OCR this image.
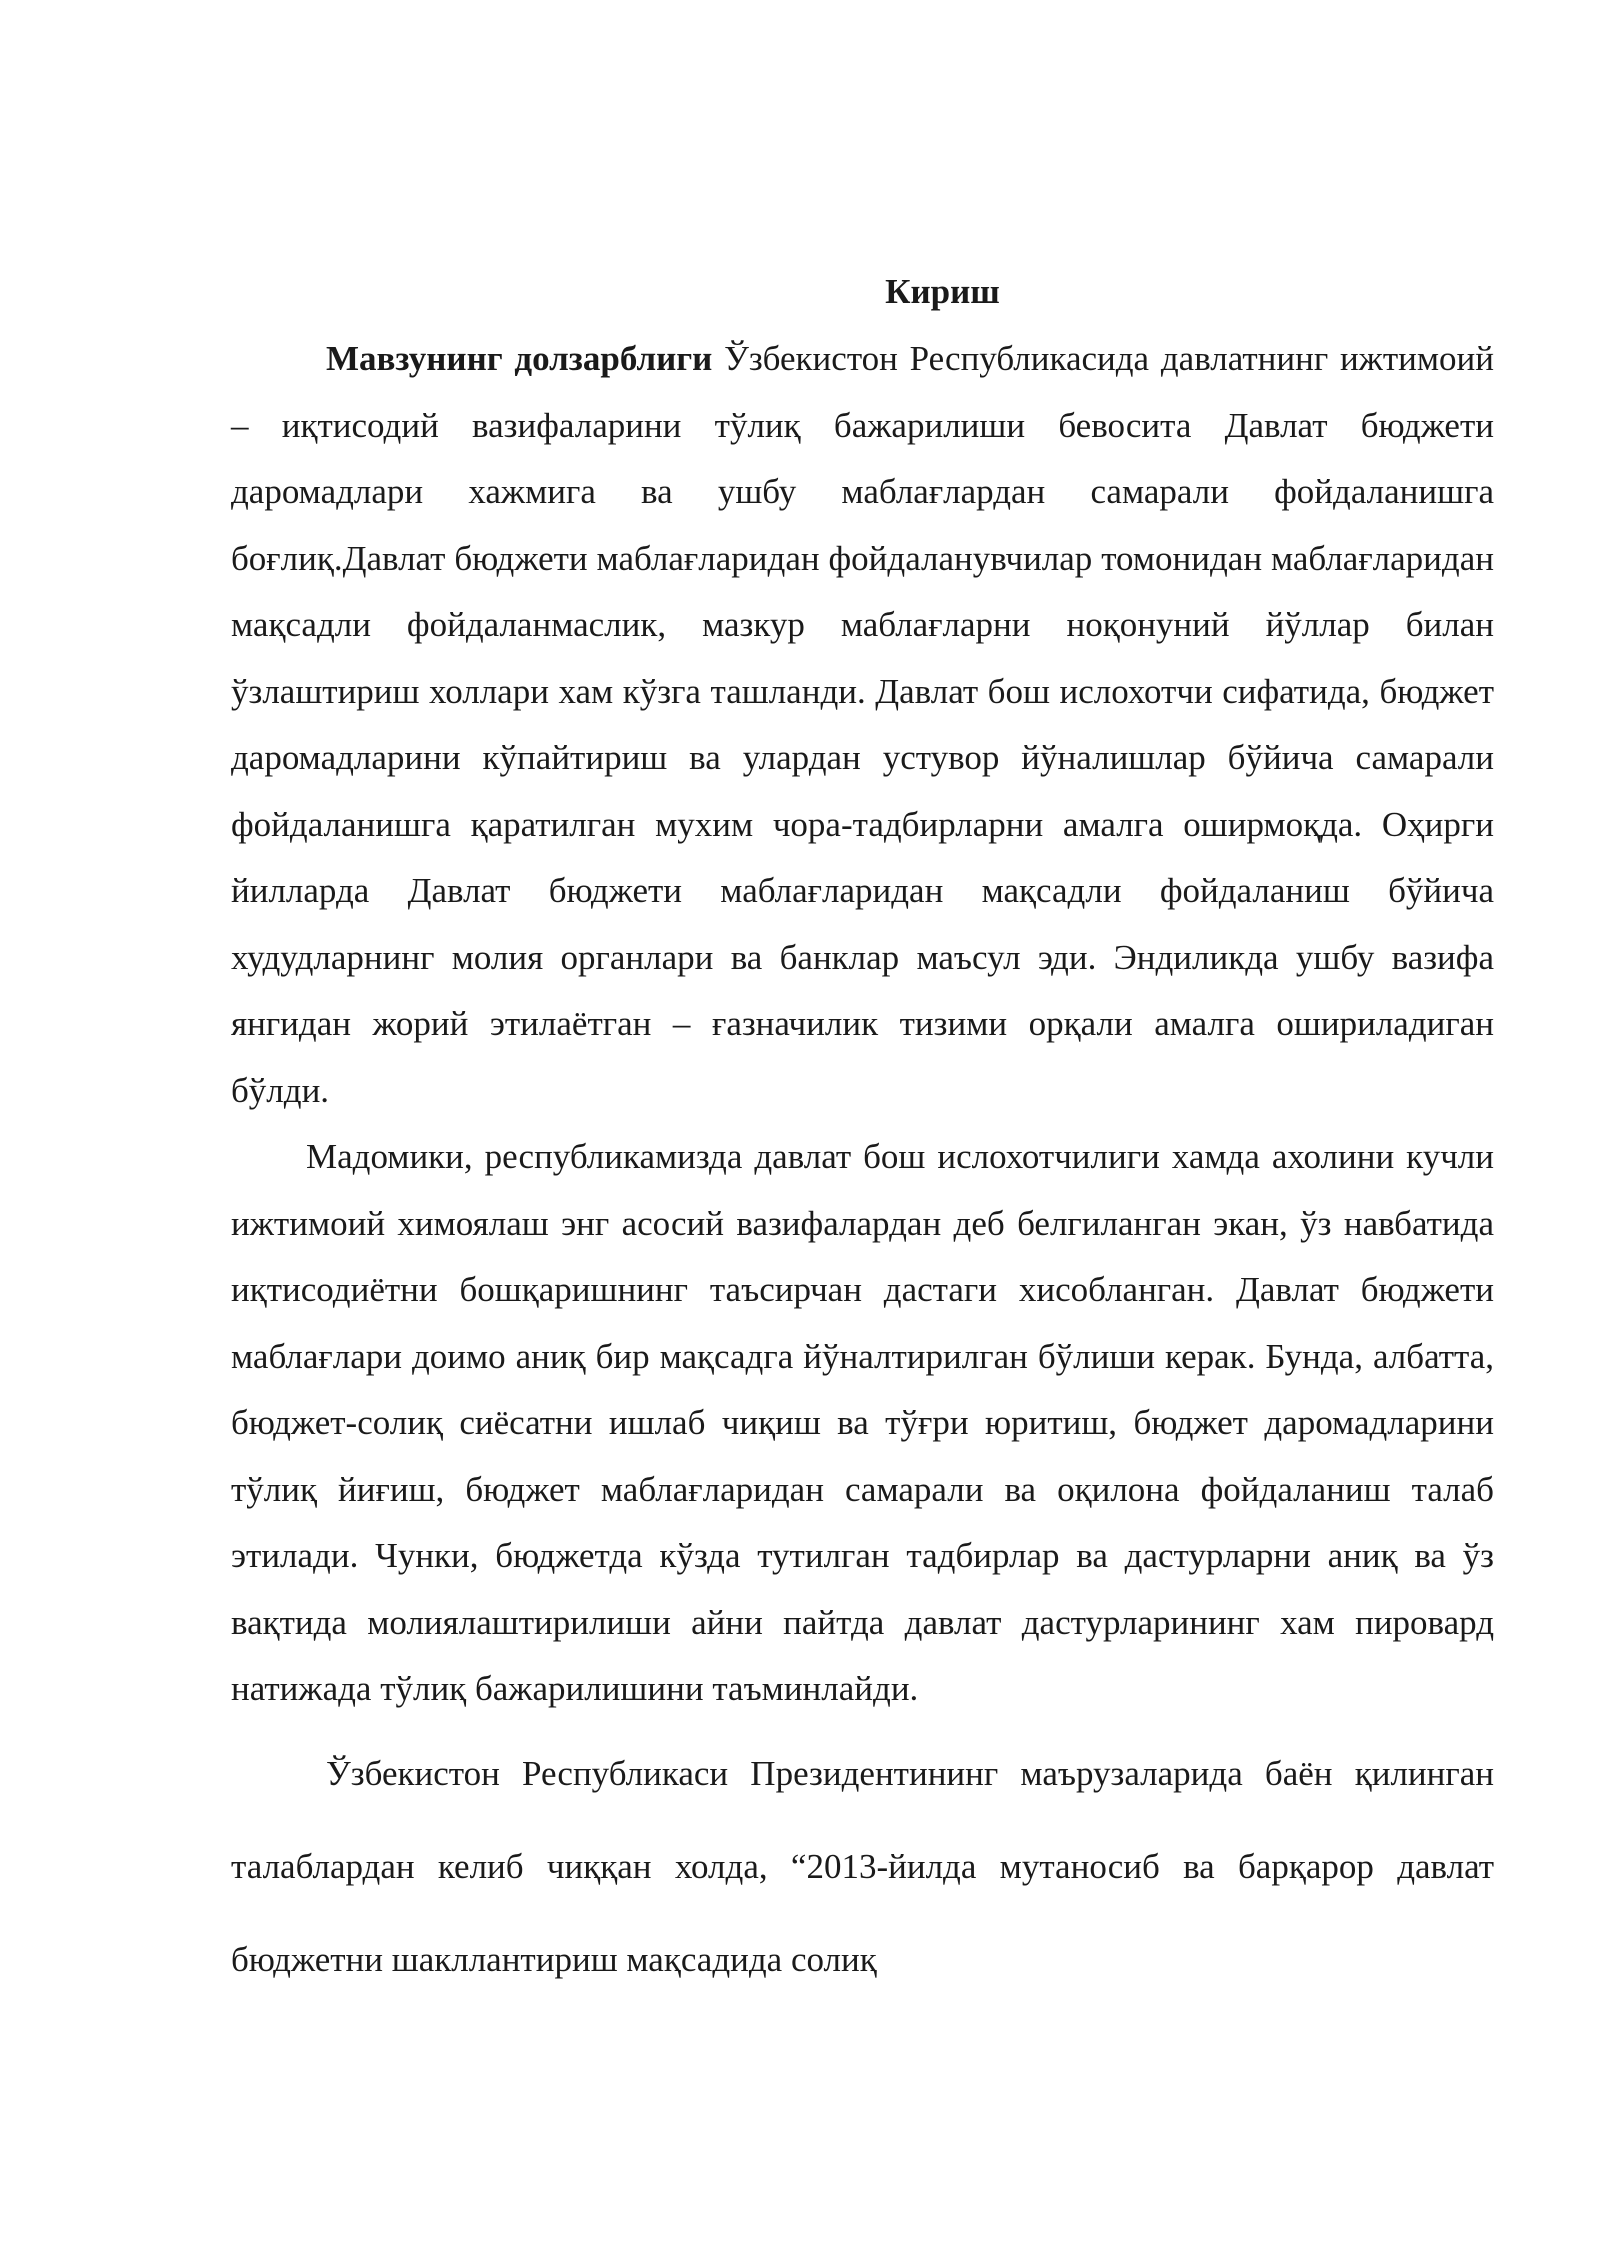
Кириш

Мавзунинг долзарблиги Ўзбекистон Республикасида давлатнинг ижтимоий – иқтисодий вазифаларини тўлиқ бажарилиши бевосита Давлат бюджети даромадлари хажмига ва ушбу маблағлардан самарали фойдаланишга боғлиқ.Давлат бюджети маблағларидан фойдаланувчилар томонидан маблағларидан мақсадли фойдаланмаслик, мазкур маблағларни ноқонуний йўллар билан ўзлаштириш холлари хам кўзга ташланди. Давлат бош ислохотчи сифатида, бюджет даромадларини кўпайтириш ва улардан устувор йўналишлар бўйича самарали фойдаланишга қаратилган мухим чора-тадбирларни амалга оширмоқда. Оҳирги йилларда Давлат бюджети маблағларидан мақсадли фойдаланиш бўйича худудларнинг молия органлари ва банклар маъсул эди. Эндиликда ушбу вазифа янгидан жорий этилаётган – ғазначилик тизими орқали амалга ошириладиган бўлди.

Мадомики, республикамизда давлат бош ислохотчилиги хамда ахолини кучли ижтимоий химоялаш энг асосий вазифалардан деб белгиланган экан, ўз навбатида иқтисодиётни бошқаришнинг таъсирчан дастаги хисобланган. Давлат бюджети маблағлари доимо аниқ бир мақсадга йўналтирилган бўлиши керак. Бунда, албатта, бюджет-солиқ сиёсатни ишлаб чиқиш ва тўғри юритиш, бюджет даромадларини тўлиқ йиғиш, бюджет маблағларидан самарали ва оқилона фойдаланиш талаб этилади. Чунки, бюджетда кўзда тутилган тадбирлар ва дастурларни аниқ ва ўз вақтида молиялаштирилиши айни пайтда давлат дастурларининг хам пировард натижада тўлиқ бажарилишини таъминлайди.

Ўзбекистон Республикаси Президентининг маърузаларида баён қилинган талаблардан келиб чиққан холда, “2013-йилда мутаносиб ва барқарор давлат бюджетни шакллантириш мақсадида солиқ
